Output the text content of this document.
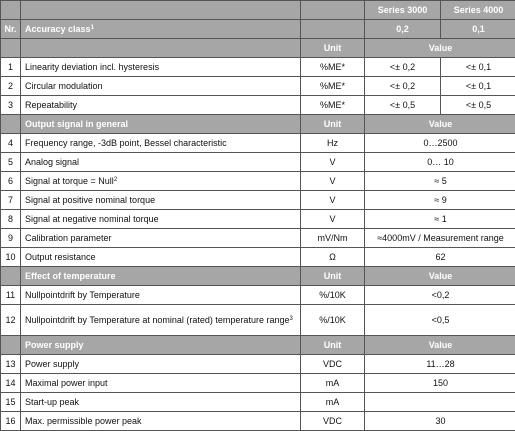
			Series 3000	Series 4000
Nr.	Accuracy class$^1$		0,2	0,1
		Unit	Value	
1	Linearity deviation incl. hysteresis	%ME*	<± 0,2	<± 0,1
2	Circular modulation	%ME*	<± 0,2	<± 0,1
3	Repeatability	%ME*	<± 0,5	<± 0,5
	Output signal in general	Unit	Value	
4	Frequency range, -3dB point, Bessel characteristic	Hz	0…2500	
5	Analog signal	V	0… 10	
6	Signal at torque = Null$^2$	V	≈ 5	
7	Signal at positive nominal torque	V	≈ 9	
8	Signal at negative nominal torque	V	≈ 1	
9	Calibration parameter	mV/Nm	≈4000mV / Measurement range	
10	Output resistance	Ω	62	
	Effect of temperature	Unit	Value	
11	Nullpointdrift by Temperature	%/10K	<0,2	
12	Nullpointdrift by Temperature at nominal (rated) temperature range$^3$	%/10K	<0,5	
	Power supply	Unit	Value	
13	Power supply	VDC	11…28	
14	Maximal power input	mA	150	
15	Start-up peak	mA		
16	Max. permissible power peak	VDC	30	
